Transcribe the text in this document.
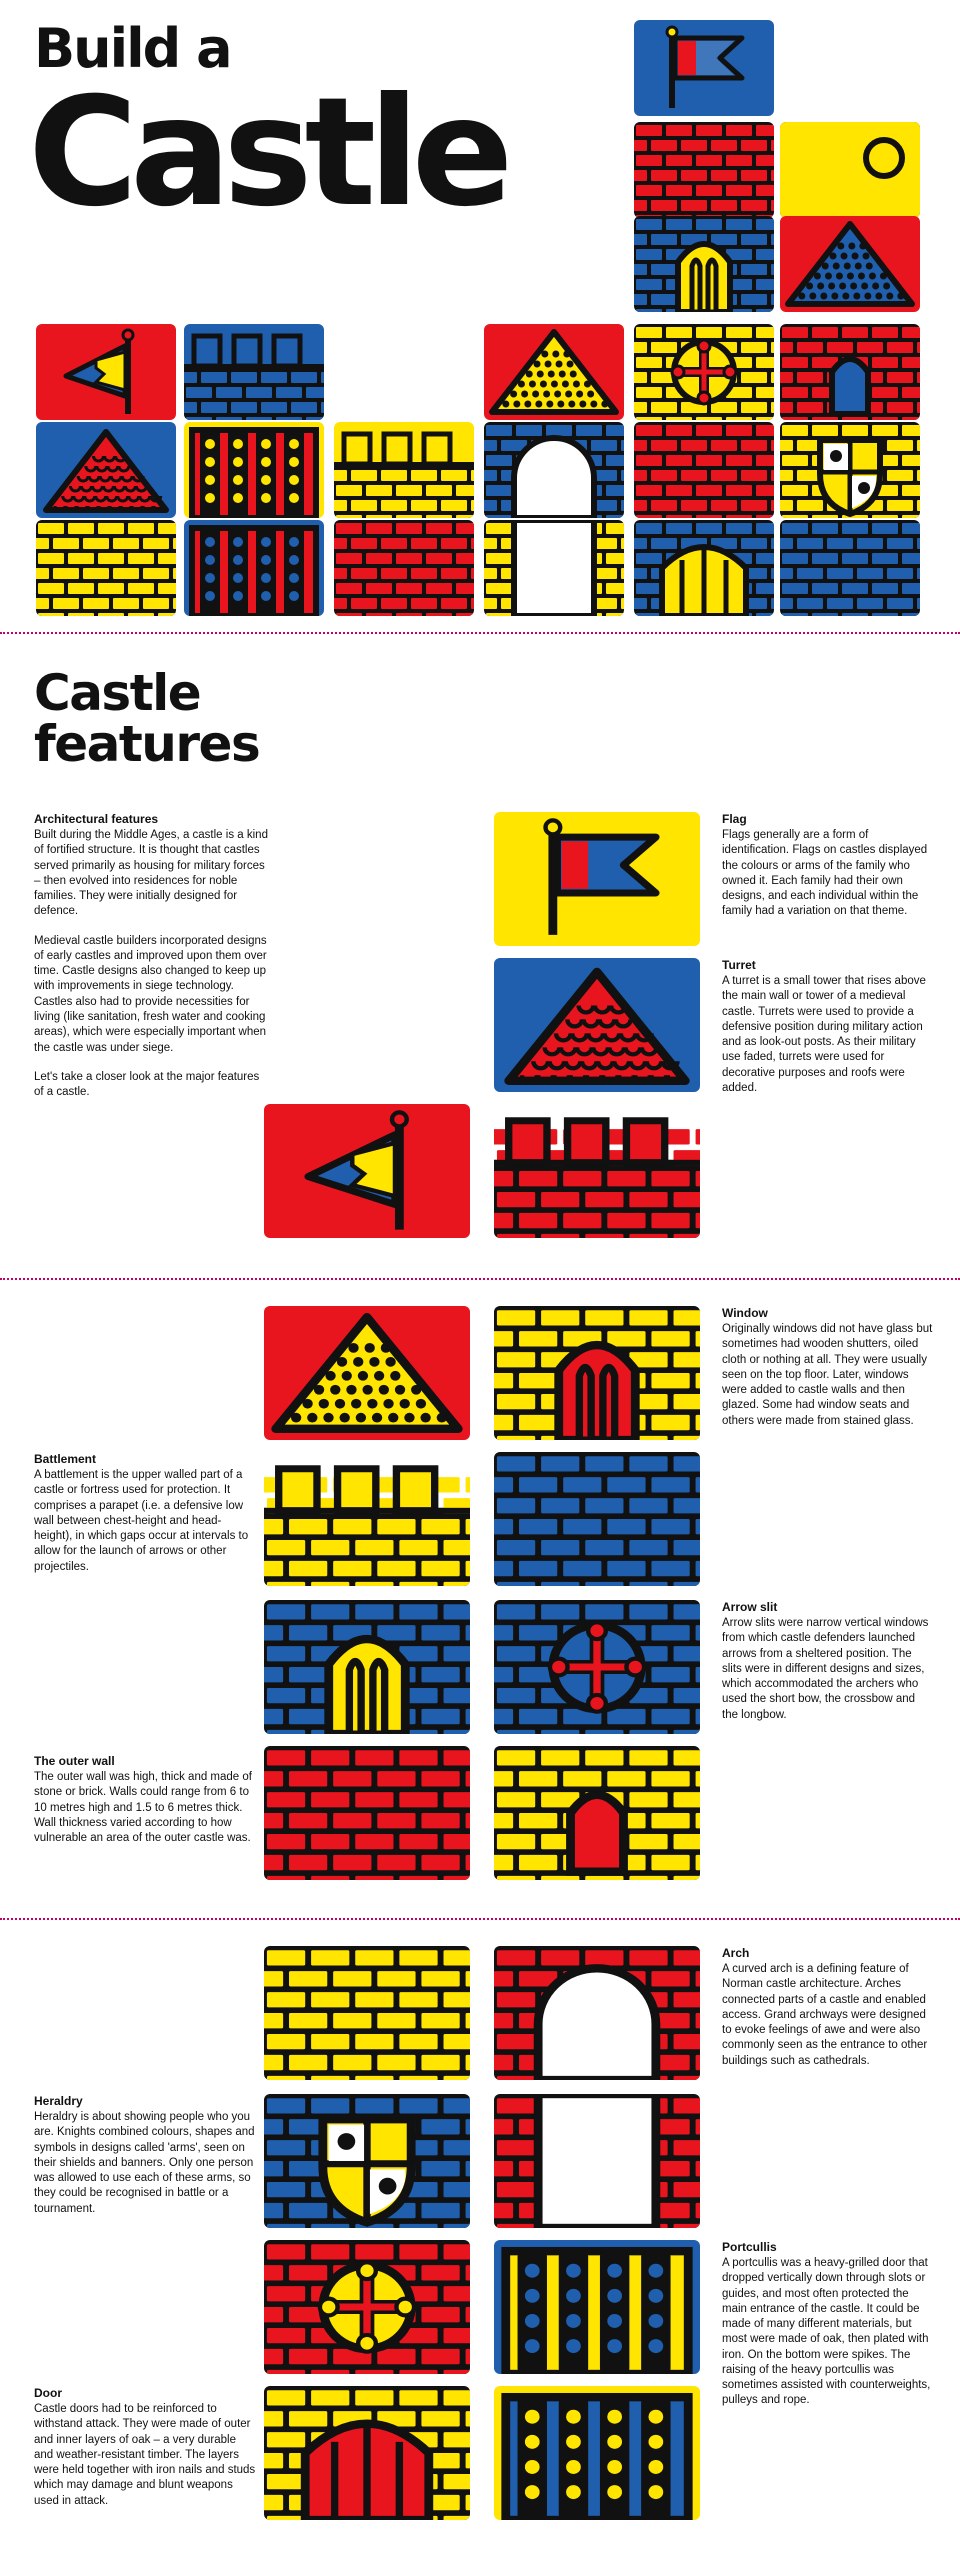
Build a
Castle
Castle
features
Architectural features

Built during the Middle Ages, a castle is a kind of fortified structure. It is thought that castles served primarily as housing for military forces – then evolved into residences for noble families. They were initially designed for defence.

Medieval castle builders incorporated designs of early castles and improved upon them over time. Castle designs also changed to keep up with improvements in siege technology. Castles also had to provide necessities for living (like sanitation, fresh water and cooking areas), which were especially important when the castle was under siege.

Let's take a closer look at the major features of a castle.

Flag

Flags generally are a form of identification. Flags on castles displayed the colours or arms of the family who owned it. Each family had their own designs, and each individual within the family had a variation on that theme.

Turret

A turret is a small tower that rises above the main wall or tower of a medieval castle. Turrets were used to provide a defensive position during military action and as look-out posts. As their military use faded, turrets were used for decorative purposes and roofs were added.

Window

Originally windows did not have glass but sometimes had wooden shutters, oiled cloth or nothing at all. They were usually seen on the top floor. Later, windows were added to castle walls and then glazed. Some had window seats and others were made from stained glass.

Battlement

A battlement is the upper walled part of a castle or fortress used for protection. It comprises a parapet (i.e. a defensive low wall between chest-height and head-height), in which gaps occur at intervals to allow for the launch of arrows or other projectiles.

Arrow slit

Arrow slits were narrow vertical windows from which castle defenders launched arrows from a sheltered position. The slits were in different designs and sizes, which accommodated the archers who used the short bow, the crossbow and the longbow.

The outer wall

The outer wall was high, thick and made of stone or brick. Walls could range from 6 to 10 metres high and 1.5 to 6 metres thick. Wall thickness varied according to how vulnerable an area of the outer castle was.

Arch

A curved arch is a defining feature of Norman castle architecture. Arches connected parts of a castle and enabled access. Grand archways were designed to evoke feelings of awe and were also commonly seen as the entrance to other buildings such as cathedrals.

Heraldry

Heraldry is about showing people who you are. Knights combined colours, shapes and symbols in designs called 'arms', seen on their shields and banners. Only one person was allowed to use each of these arms, so they could be recognised in battle or a tournament.

Portcullis

A portcullis was a heavy-grilled door that dropped vertically down through slots or guides, and most often protected the main entrance of the castle. It could be made of many different materials, but most were made of oak, then plated with iron. On the bottom were spikes. The raising of the heavy portcullis was sometimes assisted with counterweights, pulleys and rope.

Door

Castle doors had to be reinforced to withstand attack. They were made of outer and inner layers of oak – a very durable and weather-resistant timber. The layers were held together with iron nails and studs which may damage and blunt weapons used in attack.
